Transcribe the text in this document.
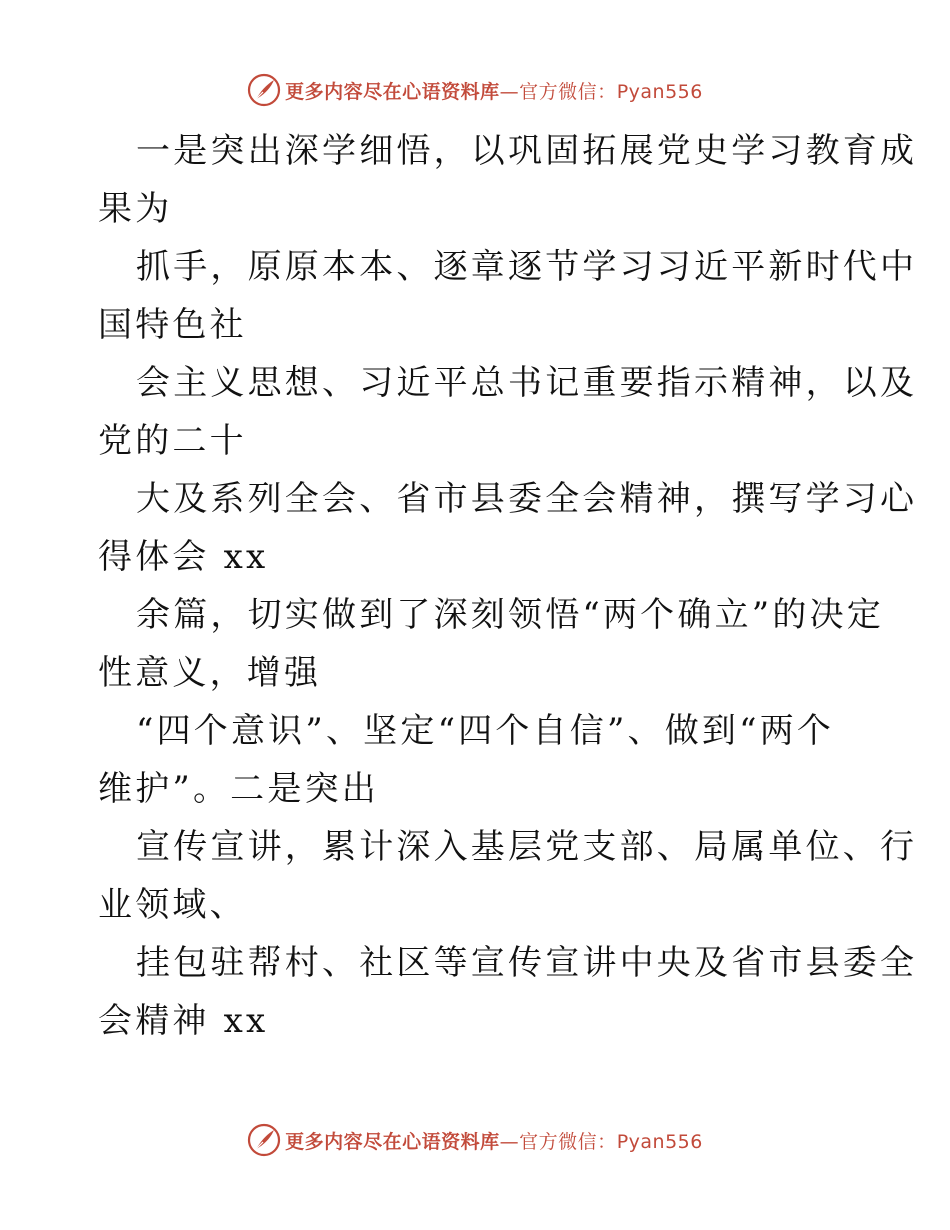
更多内容尽在心语资料库—官方微信：Pyan556
一是突出深学细悟，以巩固拓展党史学习教育成
果为
抓手，原原本本、逐章逐节学习习近平新时代中
国特色社
会主义思想、习近平总书记重要指示精神，以及
党的二十
大及系列全会、省市县委全会精神，撰写学习心
得体会 xx
余篇，切实做到了深刻领悟“两个确立”的决定
性意义，增强
“四个意识”、坚定“四个自信”、做到“两个
维护”。二是突出
宣传宣讲，累计深入基层党支部、局属单位、行
业领域、
挂包驻帮村、社区等宣传宣讲中央及省市县委全
会精神 xx
更多内容尽在心语资料库—官方微信：Pyan556
